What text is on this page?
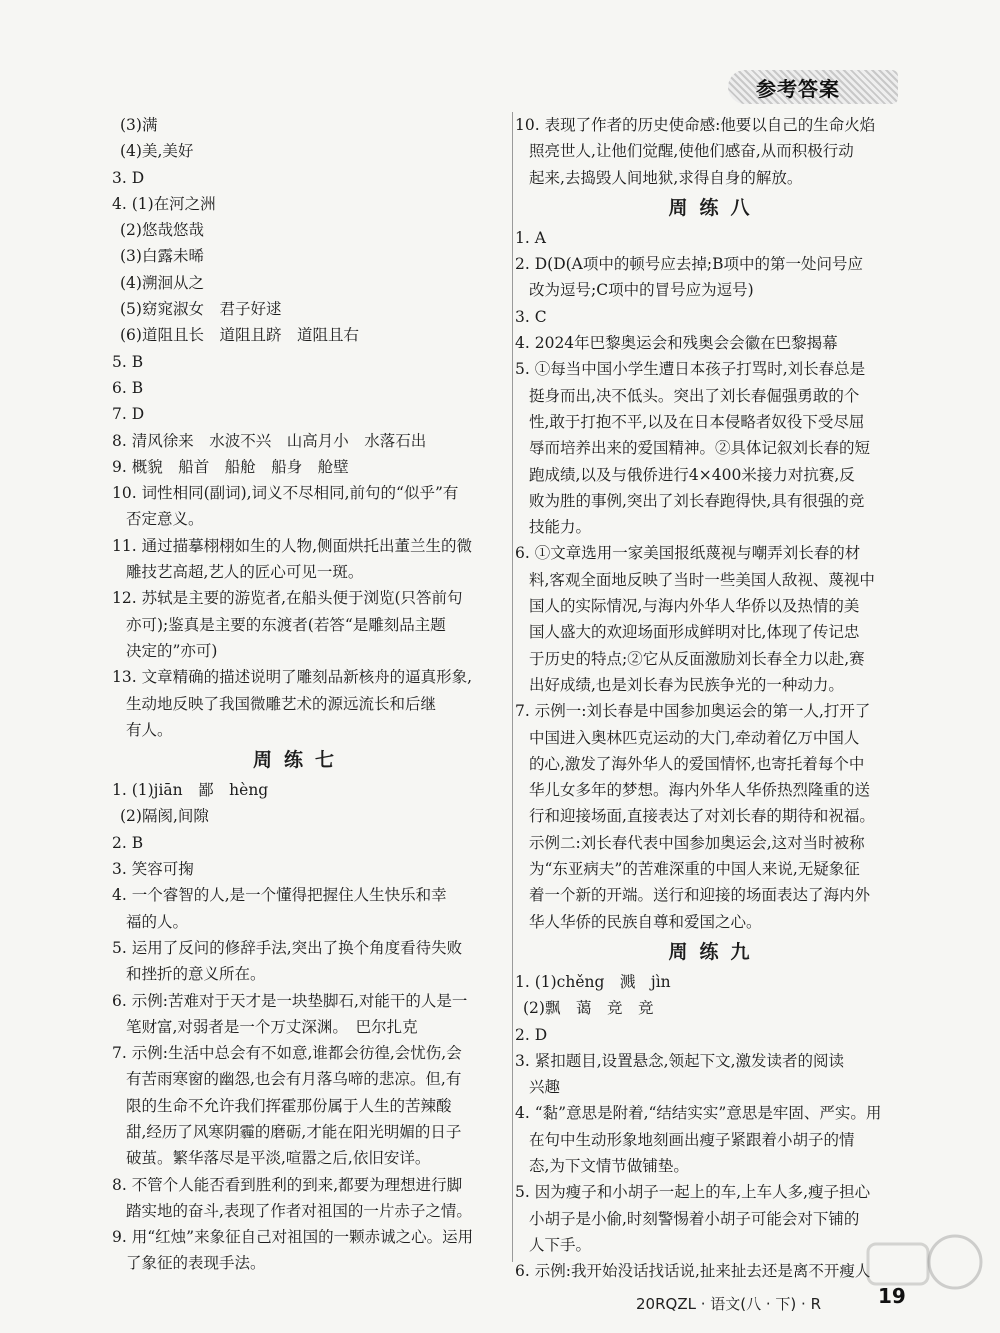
参考答案
(3)满
(4)美,美好
3. D
4. (1)在河之洲
(2)悠哉悠哉
(3)白露未晞
(4)溯洄从之
(5)窈窕淑女　君子好逑
(6)道阻且长　道阻且跻　道阻且右
5. B
6. B
7. D
8. 清风徐来　水波不兴　山高月小　水落石出
9. 概貌　船首　船舱　船身　舱壁
10. 词性相同(副词),词义不尽相同,前句的“似乎”有
否定意义。
11. 通过描摹栩栩如生的人物,侧面烘托出董兰生的微
雕技艺高超,艺人的匠心可见一斑。
12. 苏轼是主要的游览者,在船头便于浏览(只答前句
亦可);鉴真是主要的东渡者(若答“是雕刻品主题
决定的”亦可)
13. 文章精确的描述说明了雕刻品新核舟的逼真形象,
生动地反映了我国微雕艺术的源远流长和后继
有人。
周练七
1. (1)jiān　鄙　hèng
(2)隔阂,间隙
2. B
3. 笑容可掬
4. 一个睿智的人,是一个懂得把握住人生快乐和幸
福的人。
5. 运用了反问的修辞手法,突出了换个角度看待失败
和挫折的意义所在。
6. 示例:苦难对于天才是一块垫脚石,对能干的人是一
笔财富,对弱者是一个万丈深渊。　巴尔扎克
7. 示例:生活中总会有不如意,谁都会彷徨,会忧伤,会
有苦雨寒窗的幽怨,也会有月落乌啼的悲凉。但,有
限的生命不允许我们挥霍那份属于人生的苦辣酸
甜,经历了风寒阴霾的磨砺,才能在阳光明媚的日子
破茧。繁华落尽是平淡,喧嚣之后,依旧安详。
8. 不管个人能否看到胜利的到来,都要为理想进行脚
踏实地的奋斗,表现了作者对祖国的一片赤子之情。
9. 用“红烛”来象征自己对祖国的一颗赤诚之心。运用
了象征的表现手法。
10. 表现了作者的历史使命感:他要以自己的生命火焰
照亮世人,让他们觉醒,使他们感奋,从而积极行动
起来,去捣毁人间地狱,求得自身的解放。
周练八
1. A
2. D(D(A项中的顿号应去掉;B项中的第一处问号应
改为逗号;C项中的冒号应为逗号)
3. C
4. 2024年巴黎奥运会和残奥会会徽在巴黎揭幕
5. ①每当中国小学生遭日本孩子打骂时,刘长春总是
挺身而出,决不低头。突出了刘长春倔强勇敢的个
性,敢于打抱不平,以及在日本侵略者奴役下受尽屈
辱而培养出来的爱国精神。②具体记叙刘长春的短
跑成绩,以及与俄侨进行4×400米接力对抗赛,反
败为胜的事例,突出了刘长春跑得快,具有很强的竞
技能力。
6. ①文章选用一家美国报纸蔑视与嘲弄刘长春的材
料,客观全面地反映了当时一些美国人敌视、蔑视中
国人的实际情况,与海内外华人华侨以及热情的美
国人盛大的欢迎场面形成鲜明对比,体现了传记忠
于历史的特点;②它从反面激励刘长春全力以赴,赛
出好成绩,也是刘长春为民族争光的一种动力。
7. 示例一:刘长春是中国参加奥运会的第一人,打开了
中国进入奥林匹克运动的大门,牵动着亿万中国人
的心,激发了海外华人的爱国情怀,也寄托着每个中
华儿女多年的梦想。海内外华人华侨热烈隆重的送
行和迎接场面,直接表达了对刘长春的期待和祝福。
示例二:刘长春代表中国参加奥运会,这对当时被称
为“东亚病夫”的苦难深重的中国人来说,无疑象征
着一个新的开端。送行和迎接的场面表达了海内外
华人华侨的民族自尊和爱国之心。
周练九
1. (1)chěng　溅　jìn
(2)飘　蔼　竞　竞
2. D
3. 紧扣题目,设置悬念,领起下文,激发读者的阅读
兴趣
4. “黏”意思是附着,“结结实实”意思是牢固、严实。用
在句中生动形象地刻画出瘦子紧跟着小胡子的情
态,为下文情节做铺垫。
5. 因为瘦子和小胡子一起上的车,上车人多,瘦子担心
小胡子是小偷,时刻警惕着小胡子可能会对下铺的
人下手。
6. 示例:我开始没话找话说,扯来扯去还是离不开瘦人
20RQZL · 语文(八 · 下) · R	19
